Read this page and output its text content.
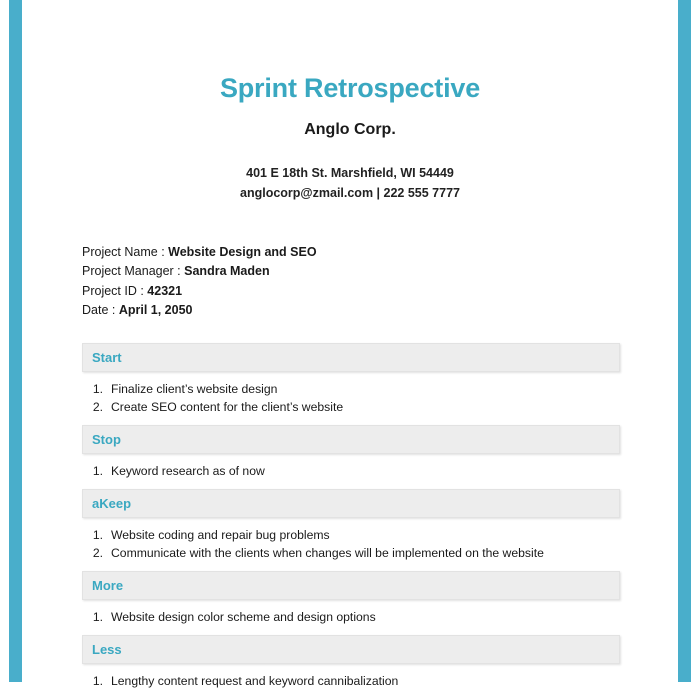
Sprint Retrospective
Anglo Corp.
401 E 18th St. Marshfield, WI 54449
anglocorp@zmail.com | 222 555 7777
Project Name : Website Design and SEO
Project Manager : Sandra Maden
Project ID : 42321
Date : April 1, 2050
Start
1. Finalize client’s website design
2. Create SEO content for the client’s website
Stop
1. Keyword research as of now
aKeep
1. Website coding and repair bug problems
2. Communicate with the clients when changes will be implemented on the website
More
1. Website design color scheme and design options
Less
1. Lengthy content request and keyword cannibalization
